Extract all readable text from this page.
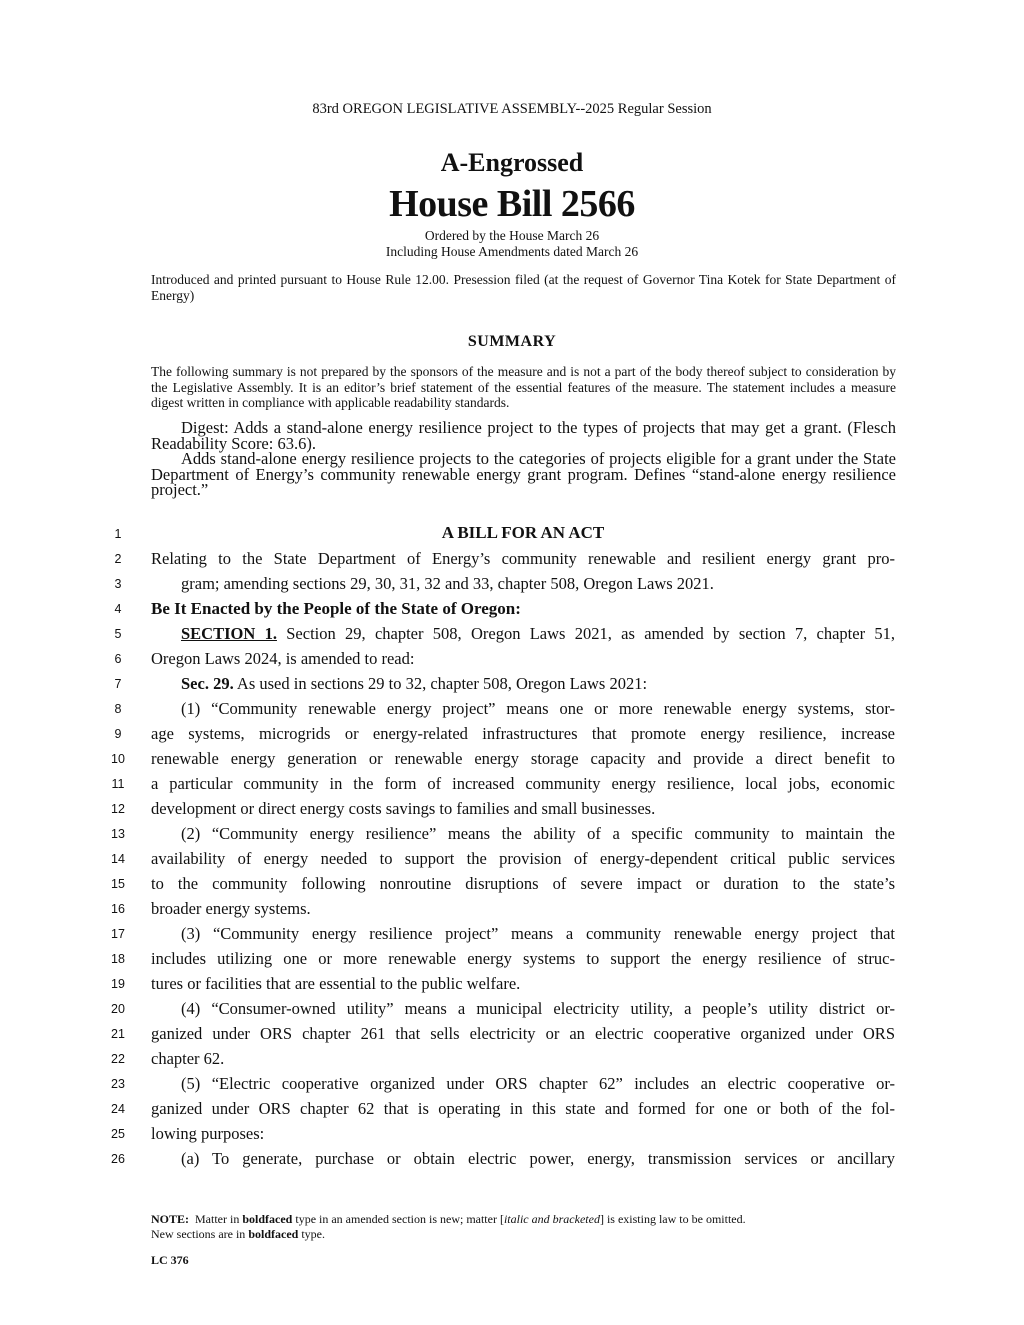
83rd OREGON LEGISLATIVE ASSEMBLY--2025 Regular Session
A-Engrossed
House Bill 2566
Ordered by the House March 26
Including House Amendments dated March 26
Introduced and printed pursuant to House Rule 12.00. Presession filed (at the request of Governor Tina Kotek for State Department of Energy)
SUMMARY
The following summary is not prepared by the sponsors of the measure and is not a part of the body thereof subject to consideration by the Legislative Assembly. It is an editor’s brief statement of the essential features of the measure. The statement includes a measure digest written in compliance with applicable readability standards.

Digest: Adds a stand-alone energy resilience project to the types of projects that may get a grant. (Flesch Readability Score: 63.6).

Adds stand-alone energy resilience projects to the categories of projects eligible for a grant under the State Department of Energy’s community renewable energy grant program. Defines “stand-alone energy resilience project.”

1
2
3
4
5
6
7
8
9
10
11
12
13
14
15
16
17
18
19
20
21
22
23
24
25
26
A BILL FOR AN ACT
Relating to the State Department of Energy’s community renewable and resilient energy grant pro-
gram; amending sections 29, 30, 31, 32 and 33, chapter 508, Oregon Laws 2021.
Be It Enacted by the People of the State of Oregon:
SECTION 1. Section 29, chapter 508, Oregon Laws 2021, as amended by section 7, chapter 51,
Oregon Laws 2024, is amended to read:
Sec. 29. As used in sections 29 to 32, chapter 508, Oregon Laws 2021:
(1) “Community renewable energy project” means one or more renewable energy systems, stor-
age systems, microgrids or energy-related infrastructures that promote energy resilience, increase
renewable energy generation or renewable energy storage capacity and provide a direct benefit to
a particular community in the form of increased community energy resilience, local jobs, economic
development or direct energy costs savings to families and small businesses.
(2) “Community energy resilience” means the ability of a specific community to maintain the
availability of energy needed to support the provision of energy-dependent critical public services
to the community following nonroutine disruptions of severe impact or duration to the state’s
broader energy systems.
(3) “Community energy resilience project” means a community renewable energy project that
includes utilizing one or more renewable energy systems to support the energy resilience of struc-
tures or facilities that are essential to the public welfare.
(4) “Consumer-owned utility” means a municipal electricity utility, a people’s utility district or-
ganized under ORS chapter 261 that sells electricity or an electric cooperative organized under ORS
chapter 62.
(5) “Electric cooperative organized under ORS chapter 62” includes an electric cooperative or-
ganized under ORS chapter 62 that is operating in this state and formed for one or both of the fol-
lowing purposes:
(a) To generate, purchase or obtain electric power, energy, transmission services or ancillary
NOTE: Matter in boldfaced type in an amended section is new; matter [italic and bracketed] is existing law to be omitted.
New sections are in boldfaced type.
LC 376
